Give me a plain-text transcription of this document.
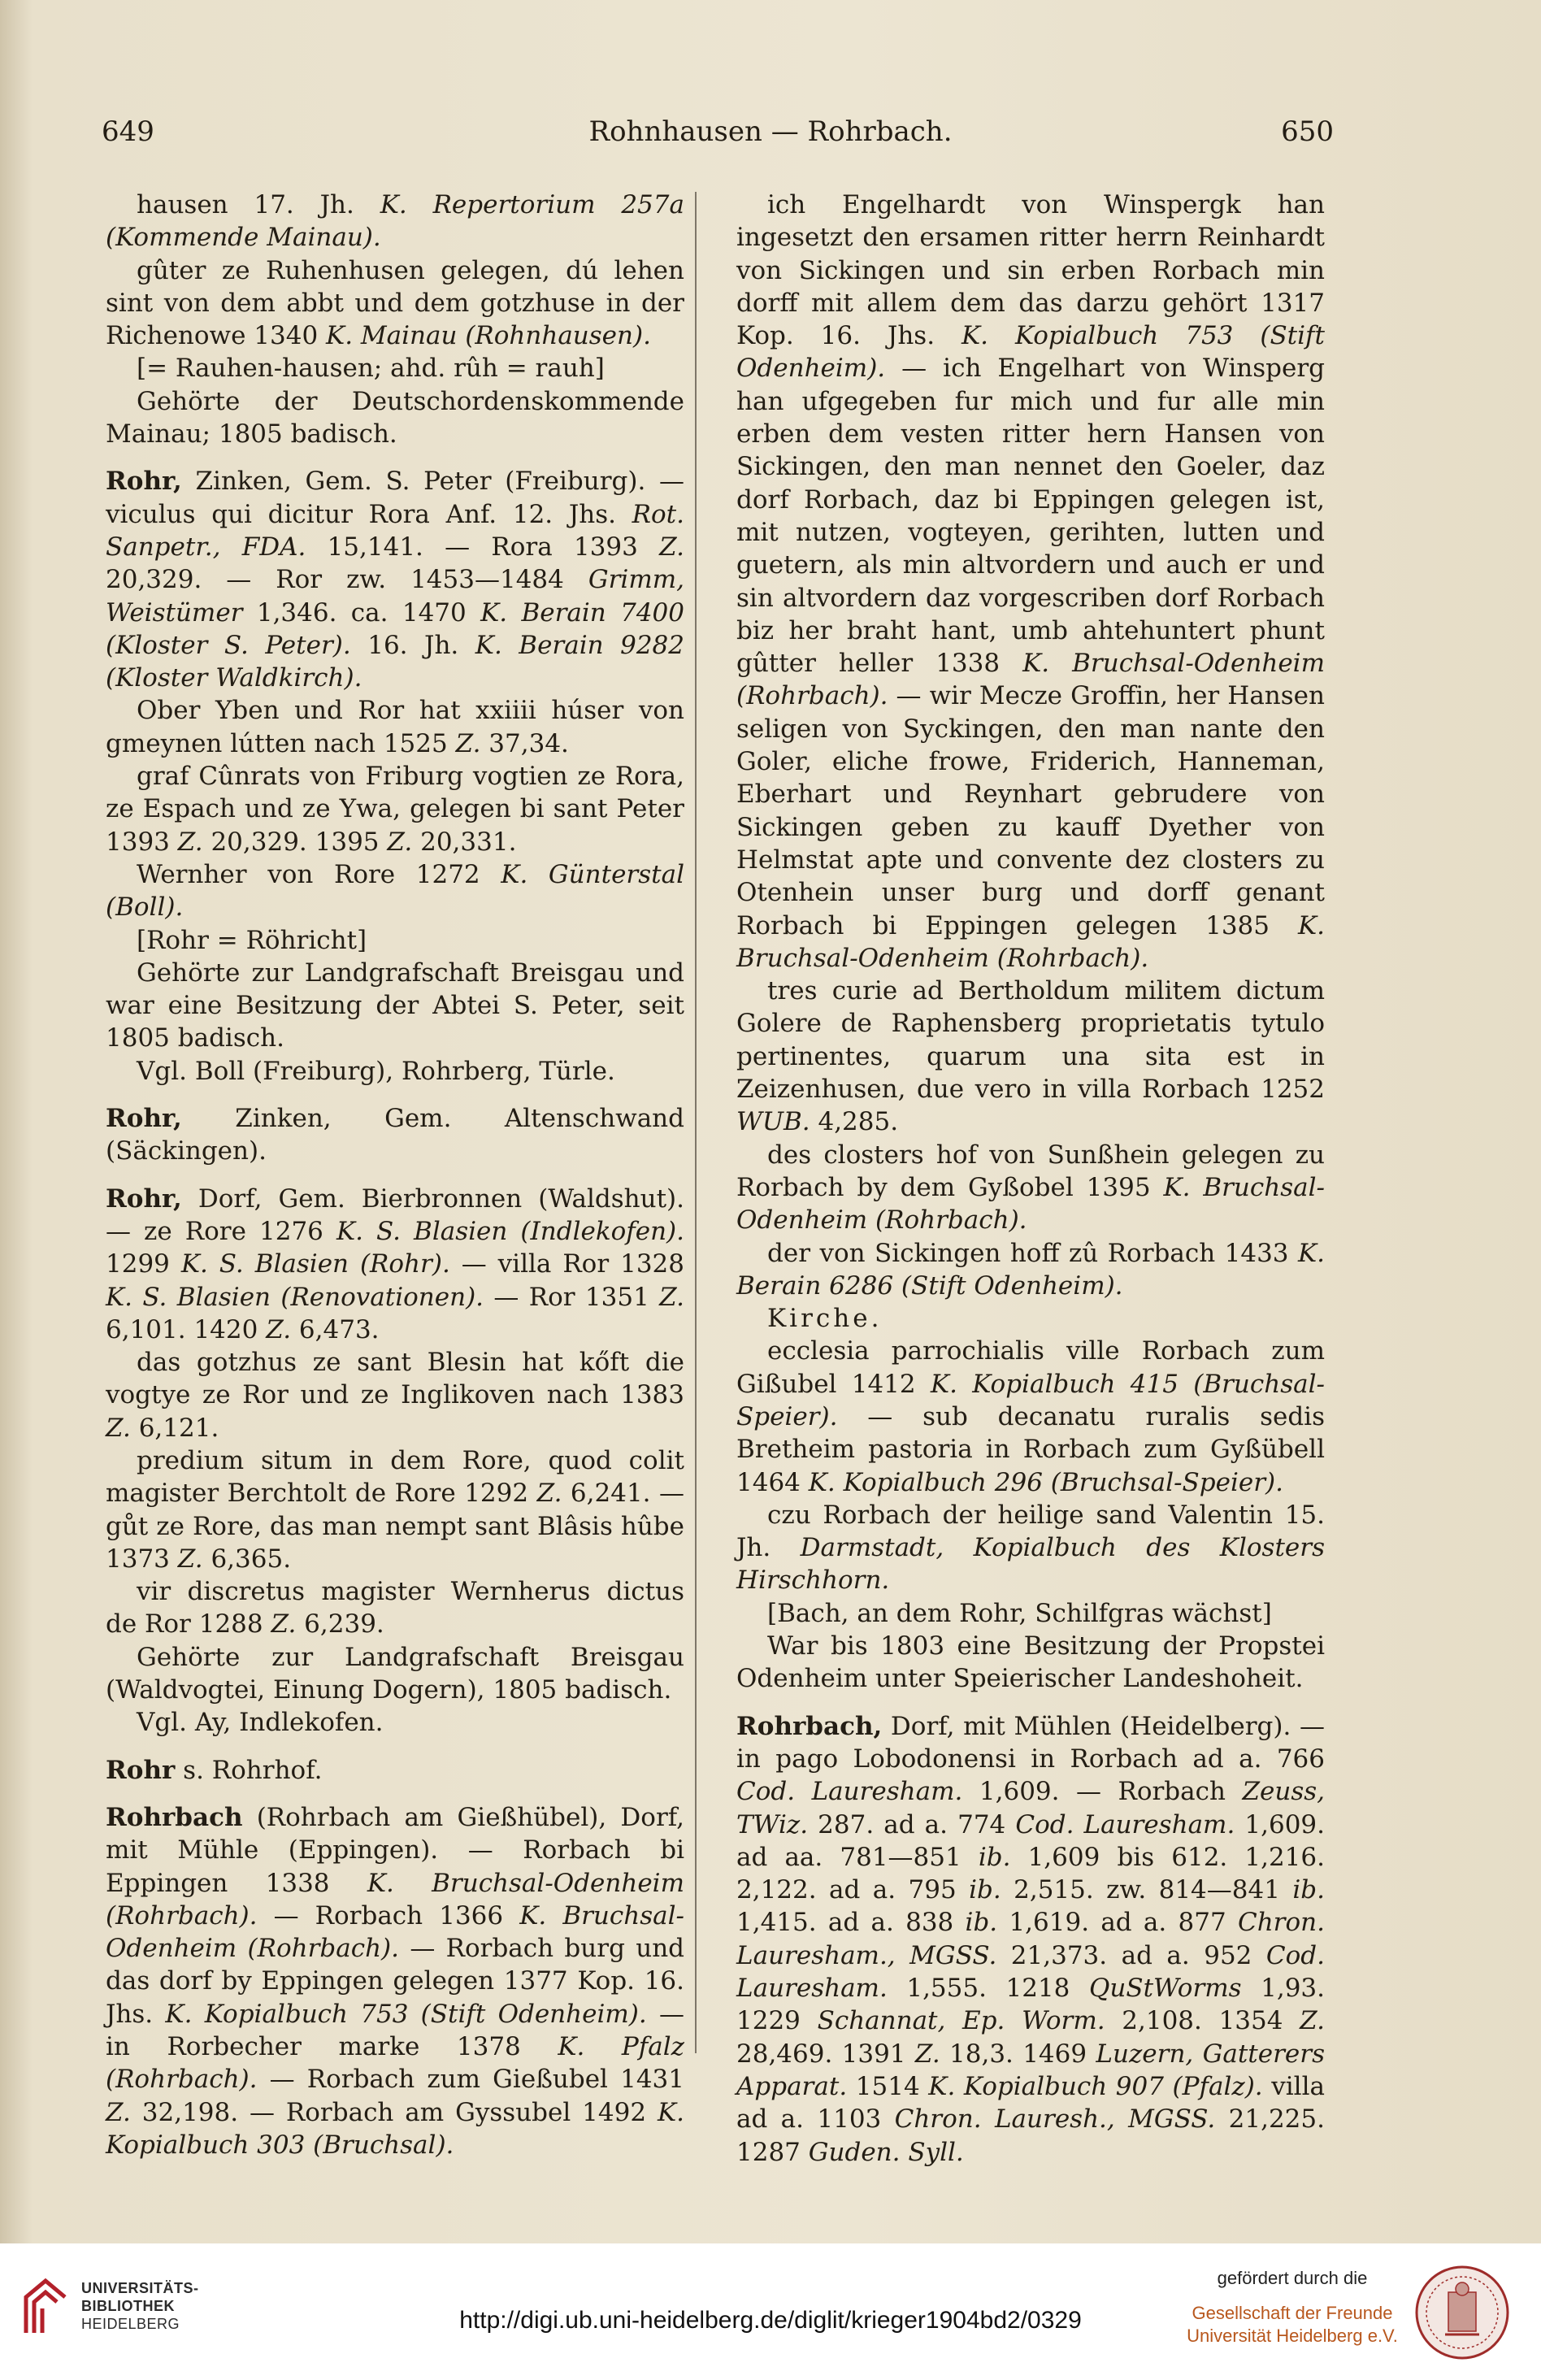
649	Rohnhausen — Rohrbach.	650

hausen 17. Jh. K. Repertorium 257a (Kommende Mainau).

gûter ze Ruhenhusen gelegen, dú lehen sint von dem abbt und dem gotzhuse in der Richenowe 1340 K. Mainau (Rohnhausen).

[= Rauhen-hausen; ahd. rûh = rauh]

Gehörte der Deutschordenskommende Mainau; 1805 badisch.

Rohr, Zinken, Gem. S. Peter (Freiburg). — viculus qui dicitur Rora Anf. 12. Jhs. Rot. Sanpetr., FDA. 15,141. — Rora 1393 Z. 20,329. — Ror zw. 1453—1484 Grimm, Weistümer 1,346. ca. 1470 K. Berain 7400 (Kloster S. Peter). 16. Jh. K. Berain 9282 (Kloster Waldkirch).

Ober Yben und Ror hat xxiiii húser von gmeynen lútten nach 1525 Z. 37,34.

graf Cûnrats von Friburg vogtien ze Rora, ze Espach und ze Ywa, gelegen bi sant Peter 1393 Z. 20,329. 1395 Z. 20,331.

Wernher von Rore 1272 K. Günterstal (Boll).

[Rohr = Röhricht]

Gehörte zur Landgrafschaft Breisgau und war eine Besitzung der Abtei S. Peter, seit 1805 badisch.

Vgl. Boll (Freiburg), Rohrberg, Türle.

Rohr, Zinken, Gem. Altenschwand (Säckingen).

Rohr, Dorf, Gem. Bierbronnen (Waldshut). — ze Rore 1276 K. S. Blasien (Indlekofen). 1299 K. S. Blasien (Rohr). — villa Ror 1328 K. S. Blasien (Renovationen). — Ror 1351 Z. 6,101. 1420 Z. 6,473.

das gotzhus ze sant Blesin hat kőft die vogtye ze Ror und ze Inglikoven nach 1383 Z. 6,121.

predium situm in dem Rore, quod colit magister Berchtolt de Rore 1292 Z. 6,241. — gůt ze Rore, das man nempt sant Blâsis hûbe 1373 Z. 6,365.

vir discretus magister Wernherus dictus de Ror 1288 Z. 6,239.

Gehörte zur Landgrafschaft Breisgau (Waldvogtei, Einung Dogern), 1805 badisch.

Vgl. Ay, Indlekofen.

Rohr s. Rohrhof.

Rohrbach (Rohrbach am Gießhübel), Dorf, mit Mühle (Eppingen). — Rorbach bi Eppingen 1338 K. Bruchsal-Odenheim (Rohrbach). — Rorbach 1366 K. Bruchsal-Odenheim (Rohrbach). — Rorbach burg und das dorf by Eppingen gelegen 1377 Kop. 16. Jhs. K. Kopialbuch 753 (Stift Odenheim). — in Rorbecher marke 1378 K. Pfalz (Rohrbach). — Rorbach zum Gießubel 1431 Z. 32,198. — Rorbach am Gyssubel 1492 K. Kopialbuch 303 (Bruchsal).

ich Engelhardt von Winspergk han ingesetzt den ersamen ritter herrn Reinhardt von Sickingen und sin erben Rorbach min dorff mit allem dem das darzu gehört 1317 Kop. 16. Jhs. K. Kopialbuch 753 (Stift Odenheim). — ich Engelhart von Winsperg han ufgegeben fur mich und fur alle min erben dem vesten ritter hern Hansen von Sickingen, den man nennet den Goeler, daz dorf Rorbach, daz bi Eppingen gelegen ist, mit nutzen, vogteyen, gerihten, lutten und guetern, als min altvordern und auch er und sin altvordern daz vorgescriben dorf Rorbach biz her braht hant, umb ahtehuntert phunt gûtter heller 1338 K. Bruchsal-Odenheim (Rohrbach). — wir Mecze Groffin, her Hansen seligen von Syckingen, den man nante den Goler, eliche frowe, Friderich, Hanneman, Eberhart und Reynhart gebrudere von Sickingen geben zu kauff Dyether von Helmstat apte und convente dez closters zu Otenhein unser burg und dorff genant Rorbach bi Eppingen gelegen 1385 K. Bruchsal-Odenheim (Rohrbach).

tres curie ad Bertholdum militem dictum Golere de Raphensberg proprietatis tytulo pertinentes, quarum una sita est in Zeizenhusen, due vero in villa Rorbach 1252 WUB. 4,285.

des closters hof von Sunßhein gelegen zu Rorbach by dem Gyßobel 1395 K. Bruchsal-Odenheim (Rohrbach).

der von Sickingen hoff zû Rorbach 1433 K. Berain 6286 (Stift Odenheim).

Kirche.

ecclesia parrochialis ville Rorbach zum Gißubel 1412 K. Kopialbuch 415 (Bruchsal-Speier). — sub decanatu ruralis sedis Bretheim pastoria in Rorbach zum Gyßübell 1464 K. Kopialbuch 296 (Bruchsal-Speier).

czu Rorbach der heilige sand Valentin 15. Jh. Darmstadt, Kopialbuch des Klosters Hirschhorn.

[Bach, an dem Rohr, Schilfgras wächst]

War bis 1803 eine Besitzung der Propstei Odenheim unter Speierischer Landeshoheit.

Rohrbach, Dorf, mit Mühlen (Heidelberg). — in pago Lobodonensi in Rorbach ad a. 766 Cod. Lauresham. 1,609. — Rorbach Zeuss, TWiz. 287. ad a. 774 Cod. Lauresham. 1,609. ad aa. 781—851 ib. 1,609 bis 612. 1,216. 2,122. ad a. 795 ib. 2,515. zw. 814—841 ib. 1,415. ad a. 838 ib. 1,619. ad a. 877 Chron. Lauresham., MGSS. 21,373. ad a. 952 Cod. Lauresham. 1,555. 1218 QuStWorms 1,93. 1229 Schannat, Ep. Worm. 2,108. 1354 Z. 28,469. 1391 Z. 18,3. 1469 Luzern, Gatterers Apparat. 1514 K. Kopialbuch 907 (Pfalz). villa ad a. 1103 Chron. Lauresh., MGSS. 21,225. 1287 Guden. Syll.

UNIVERSITÄTS-
BIBLIOTHEK
HEIDELBERG	http://digi.ub.uni-heidelberg.de/diglit/krieger1904bd2/0329
gefördert durch die
Gesellschaft der Freunde
Universität Heidelberg e.V.
